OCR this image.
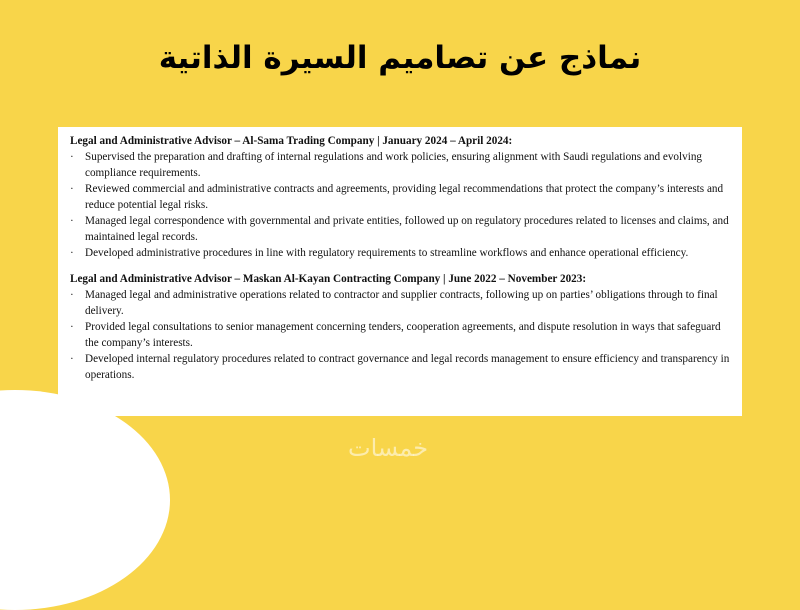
نماذج عن تصاميم السيرة الذاتية

Legal and Administrative Advisor – Al-Sama Trading Company | January 2024 – April 2024:

· Supervised the preparation and drafting of internal regulations and work policies, ensuring alignment with Saudi regulations and evolving compliance requirements.
· Reviewed commercial and administrative contracts and agreements, providing legal recommendations that protect the company’s interests and reduce potential legal risks.
· Managed legal correspondence with governmental and private entities, followed up on regulatory procedures related to licenses and claims, and maintained legal records.
· Developed administrative procedures in line with regulatory requirements to streamline workflows and enhance operational efficiency.

Legal and Administrative Advisor – Maskan Al-Kayan Contracting Company | June 2022 – November 2023:

· Managed legal and administrative operations related to contractor and supplier contracts, following up on parties’ obligations through to final delivery.
· Provided legal consultations to senior management concerning tenders, cooperation agreements, and dispute resolution in ways that safeguard the company’s interests.
· Developed internal regulatory procedures related to contract governance and legal records management to ensure efficiency and transparency in operations.
خمسات
